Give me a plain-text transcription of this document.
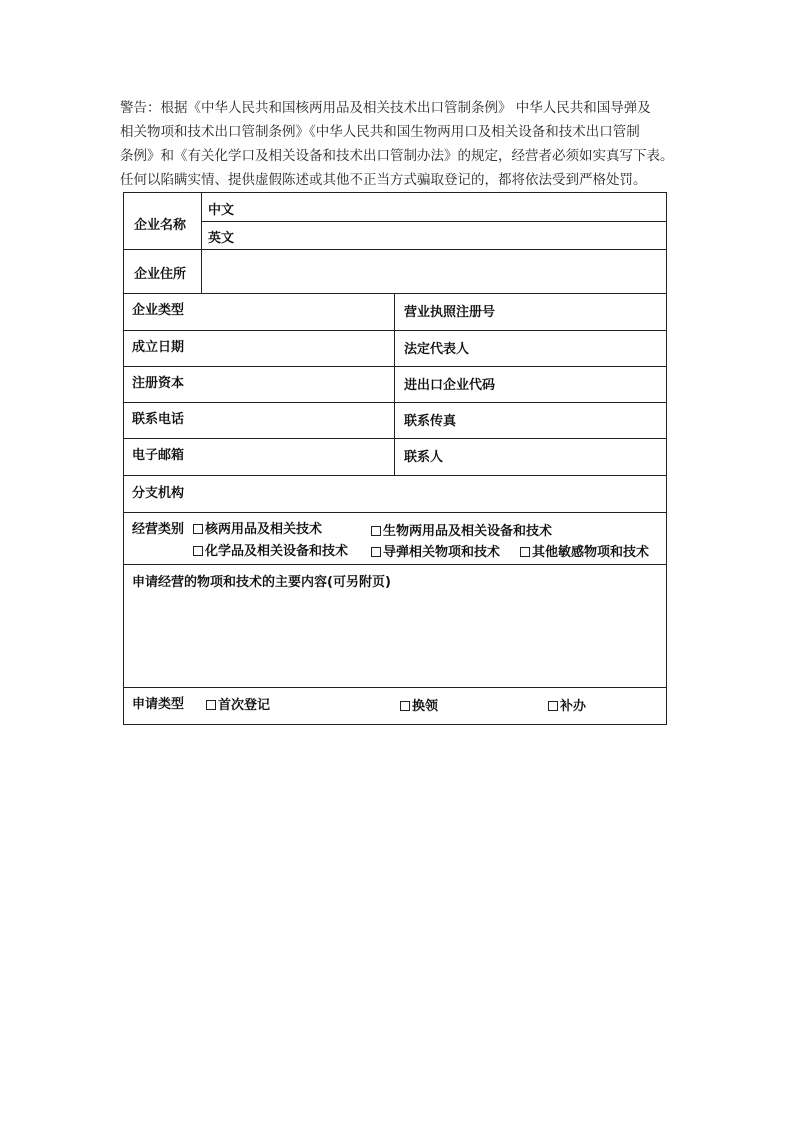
警告：根据《中华人民共和国核两用品及相关技术出口管制条例》 中华人民共和国导弹及
相关物项和技术出口管制条例》《中华人民共和国生物两用口及相关设备和技术出口管制
条例》和《有关化学口及相关设备和技术出口管制办法》的规定，经营者必须如实真写下表。
任何以陷瞒实情、提供虚假陈述或其他不正当方式骗取登记的，都将依法受到严格处罚。
企业名称
中文
英文
企业住所
企业类型	营业执照注册号
成立日期	法定代表人
注册资本	进出口企业代码
联系电话	联系传真
电子邮箱	联系人
分支机构
经营类别	核两用品及相关技术	生物两用品及相关设备和技术
化学品及相关设备和技术	导弹相关物项和技术	其他敏感物项和技术
申请经营的物项和技术的主要内容(可另附页)
申请类型	首次登记	换领	补办
